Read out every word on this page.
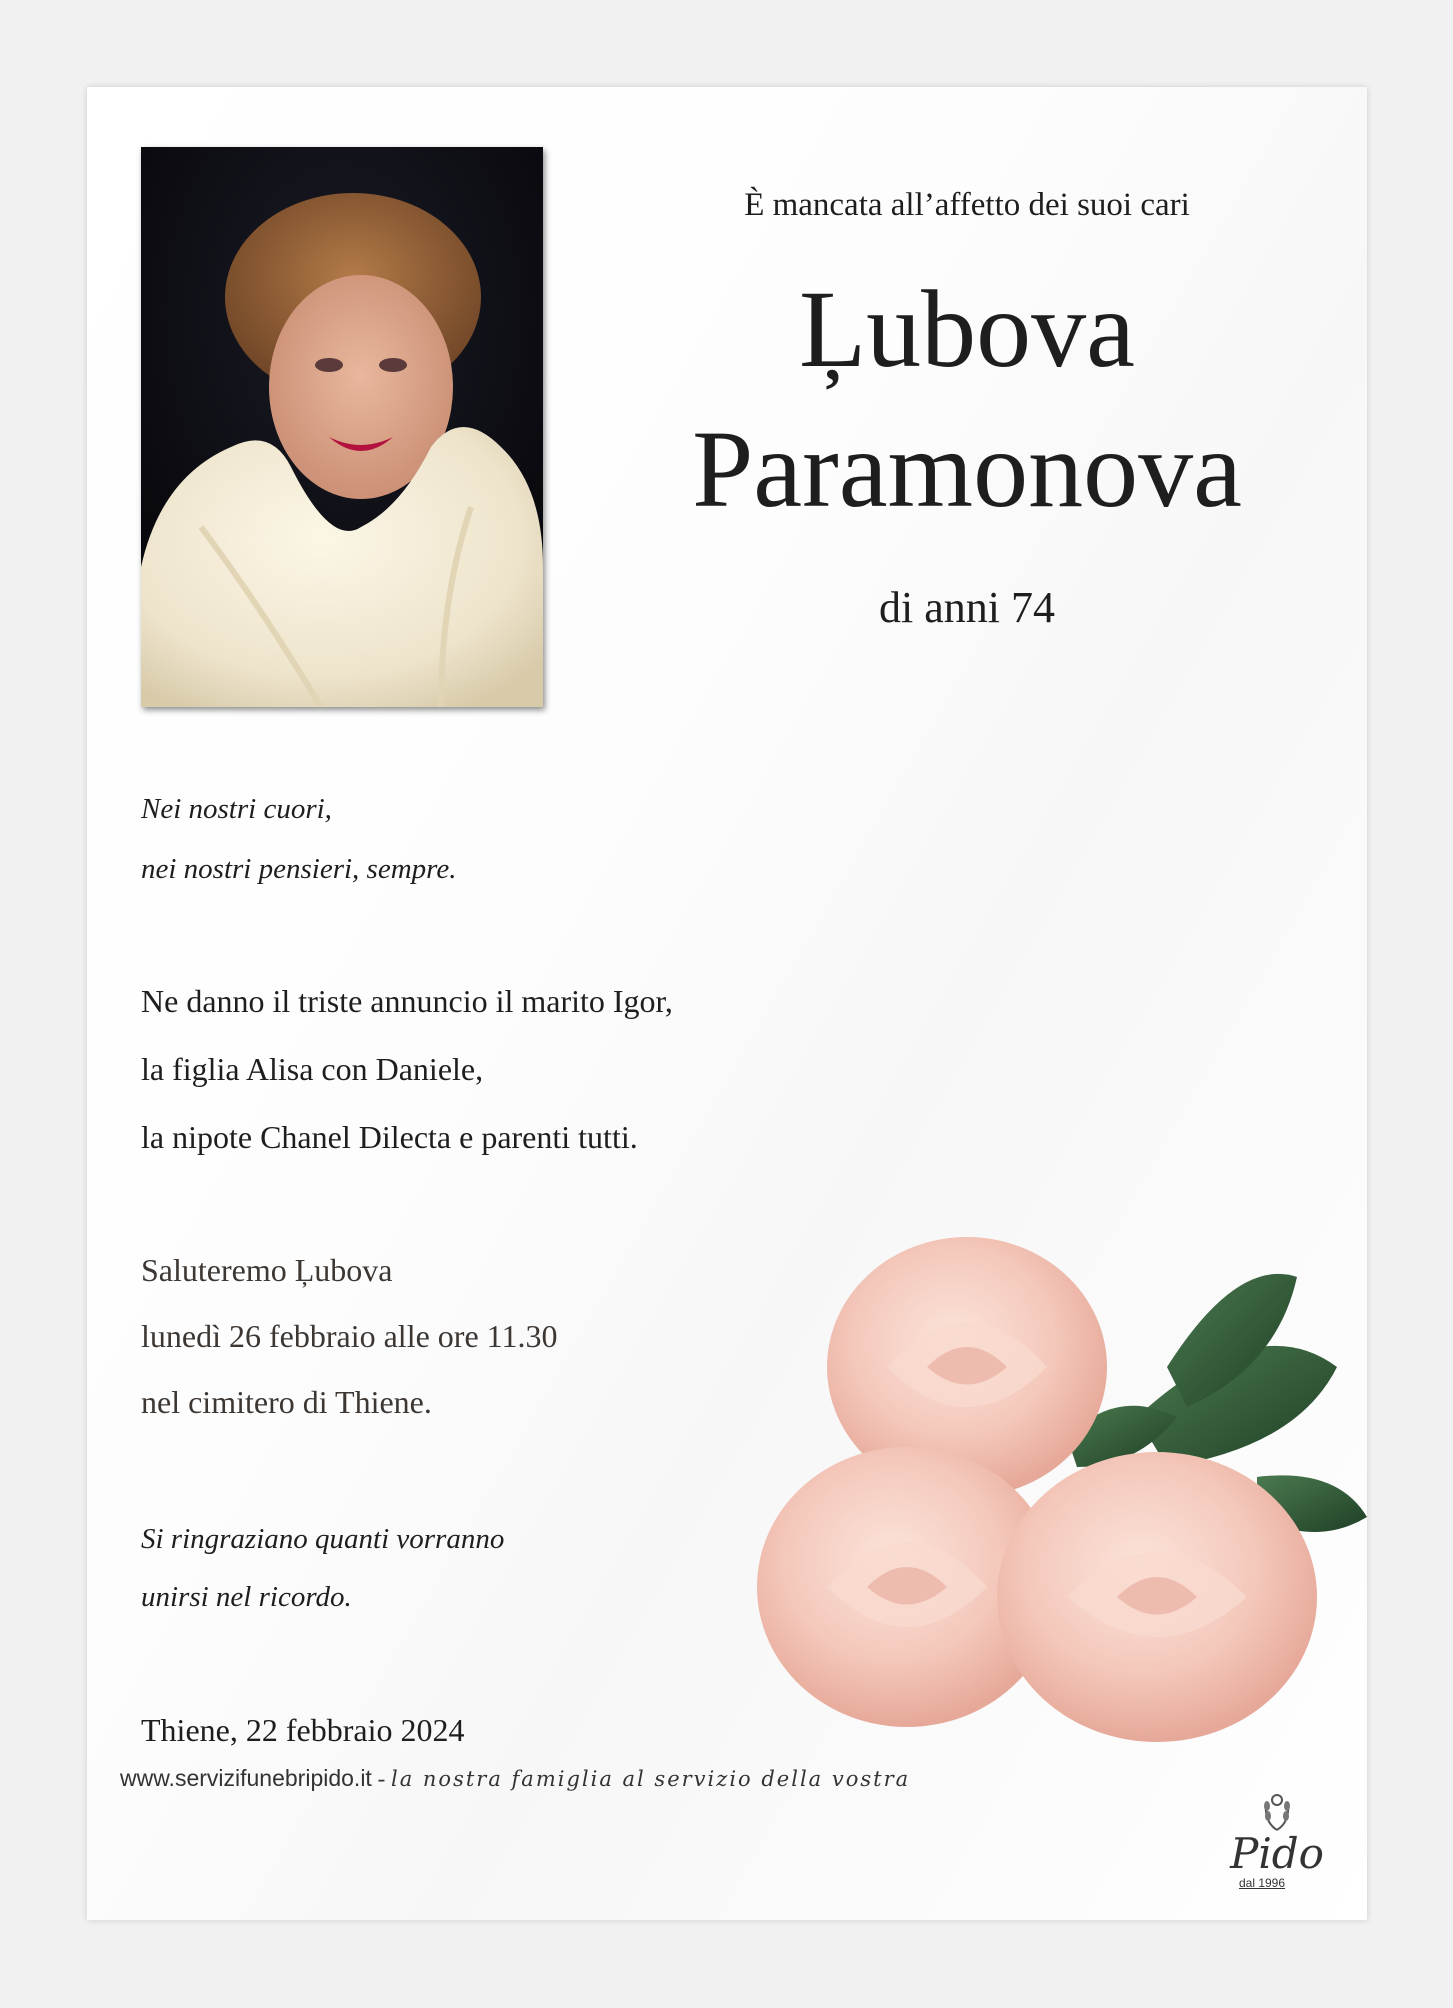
È mancata all’affetto dei suoi cari
Ļubova
Paramonova
di anni 74
Nei nostri cuori,
nei nostri pensieri, sempre.
Ne danno il triste annuncio il marito Igor,
la figlia Alisa con Daniele,
la nipote Chanel Dilecta e parenti tutti.
Saluteremo Ļubova
lunedì 26 febbraio alle ore 11.30
nel cimitero di Thiene.
Si ringraziano quanti vorranno
unirsi nel ricordo.
Thiene, 22 febbraio 2024
Pido
dal 1996
www.servizifunebripido.it - la nostra famiglia al servizio della vostra
